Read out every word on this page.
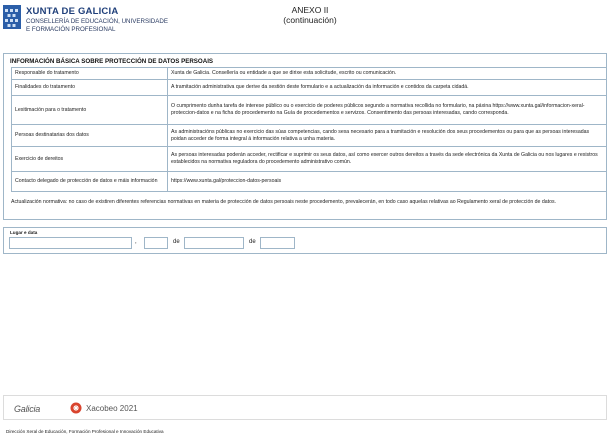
XUNTA DE GALICIA
CONSELLERÍA DE EDUCACIÓN, UNIVERSIDADE
E FORMACIÓN PROFESIONAL
ANEXO II
(continuación)
INFORMACIÓN BÁSICA SOBRE PROTECCIÓN DE DATOS PERSOAIS
Responsable do tratamento	Xunta de Galicia. Consellería ou entidade a que se dirixe esta solicitude, escrito ou comunicación.
Finalidades do tratamento	A tramitación administrativa que derive da xestión deste formulario e a actualización da información e contidos da carpeta cidadá.
Lexitimación para o tratamento	O cumprimento dunha tarefa de interese público ou o exercicio de poderes públicos segundo a normativa recollida no formulario, na páxina https://www.xunta.gal/informacion-xeral-proteccion-datos e na ficha do procedemento na Guía de procedementos e servizos. Consentimento das persoas interesadas, cando corresponda.
Persoas destinatarias dos datos	As administracións públicas no exercicio das súas competencias, cando sexa necesario para a tramitación e resolución dos seus procedementos ou para que as persoas interesadas poidan acceder de forma integral á información relativa a unha materia.
Exercicio de dereitos	As persoas interesadas poderán acceder, rectificar e suprimir os seus datos, así como exercer outros dereitos a través da sede electrónica da Xunta de Galicia ou nos lugares e rexistros establecidos na normativa reguladora do procedemento administrativo común.
Contacto delegado de protección de datos e máis información	https://www.xunta.gal/proteccion-datos-persoais
Actualización normativa: no caso de existiren diferentes referencias normativas en materia de protección de datos persoais neste procedemento, prevalecerán, en todo caso aquelas relativas ao Regulamento xeral de protección de datos.
Lugar e data
,	de	de
Galicia	Xacobeo 2021
Dirección Xeral de Educación, Formación Profesional e Innovación Educativa
